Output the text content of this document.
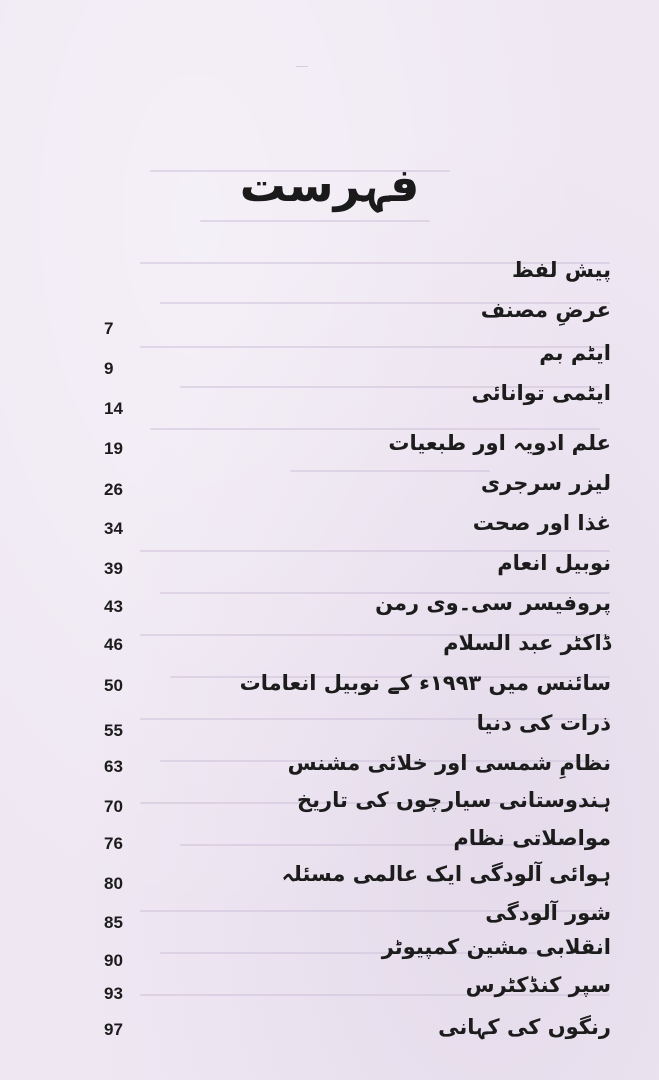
فہرست
پیش لفظ
عرضِ مصنف
7
ایٹم بم
9
ایٹمی توانائی
14
علم ادویہ اور طبعیات
19
لیزر سرجری
26
غذا اور صحت
34
نوبیل انعام
39
پروفیسر سی۔وی رمن
43
ڈاکٹر عبد السلام
46
سائنس میں ۱۹۹۳ء کے نوبیل انعامات
50
ذرات کی دنیا
55
نظامِ شمسی اور خلائی مشنس
63
ہندوستانی سیارچوں کی تاریخ
70
مواصلاتی نظام
76
ہوائی آلودگی ایک عالمی مسئلہ
80
شور آلودگی
85
انقلابی مشین کمپیوٹر
90
سپر کنڈکٹرس
93
رنگوں کی کہانی
97
